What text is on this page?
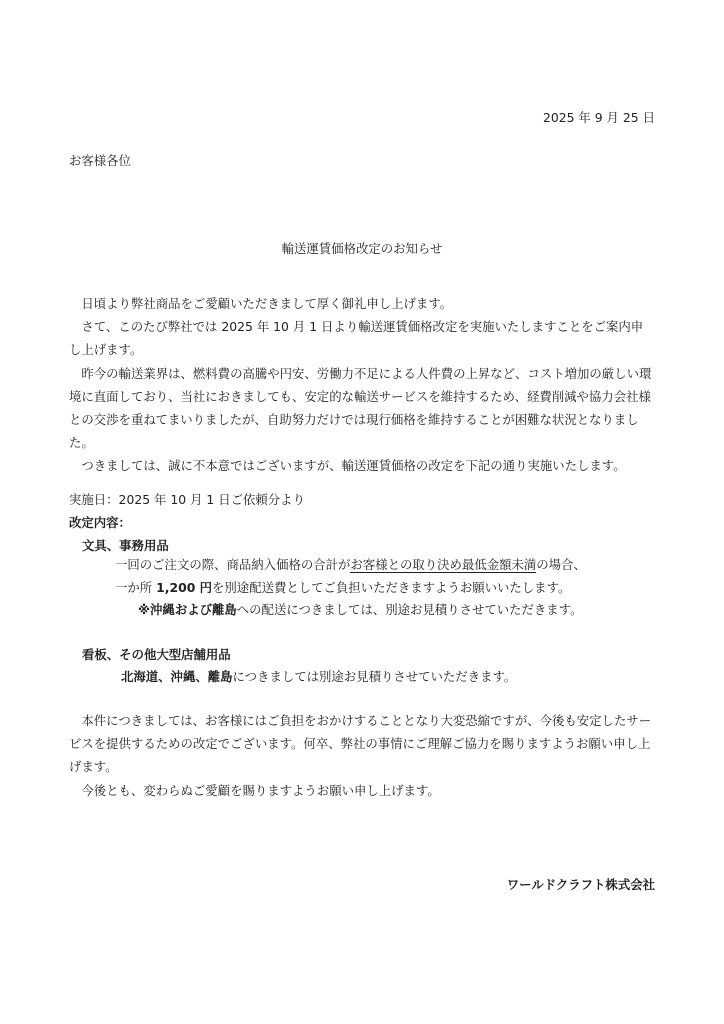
2025 年 9 月 25 日
お客様各位
輸送運賃価格改定のお知らせ

日頃より弊社商品をご愛顧いただきまして厚く御礼申し上げます。

さて、このたび弊社では 2025 年 10 月 1 日より輸送運賃価格改定を実施いたしますことをご案内申し上げます。

昨今の輸送業界は、燃料費の高騰や円安、労働力不足による人件費の上昇など、コスト増加の厳しい環境に直面しており、当社におきましても、安定的な輸送サービスを維持するため、経費削減や協力会社様との交渉を重ねてまいりましたが、自助努力だけでは現行価格を維持することが困難な状況となりました。

つきましては、誠に不本意ではございますが、輸送運賃価格の改定を下記の通り実施いたします。

実施日：2025 年 10 月 1 日ご依頼分より
改定内容：
文具、事務用品
一回のご注文の際、商品納入価格の合計がお客様との取り決め最低金額未満の場合、
一か所 1,200 円を別途配送費としてご負担いただきますようお願いいたします。
※沖縄および離島への配送につきましては、別途お見積りさせていただきます。
看板、その他大型店舗用品
北海道、沖縄、離島につきましては別途お見積りさせていただきます。

本件につきましては、お客様にはご負担をおかけすることとなり大変恐縮ですが、今後も安定したサービスを提供するための改定でございます。何卒、弊社の事情にご理解ご協力を賜りますようお願い申し上げます。

今後とも、変わらぬご愛顧を賜りますようお願い申し上げます。

ワールドクラフト株式会社
